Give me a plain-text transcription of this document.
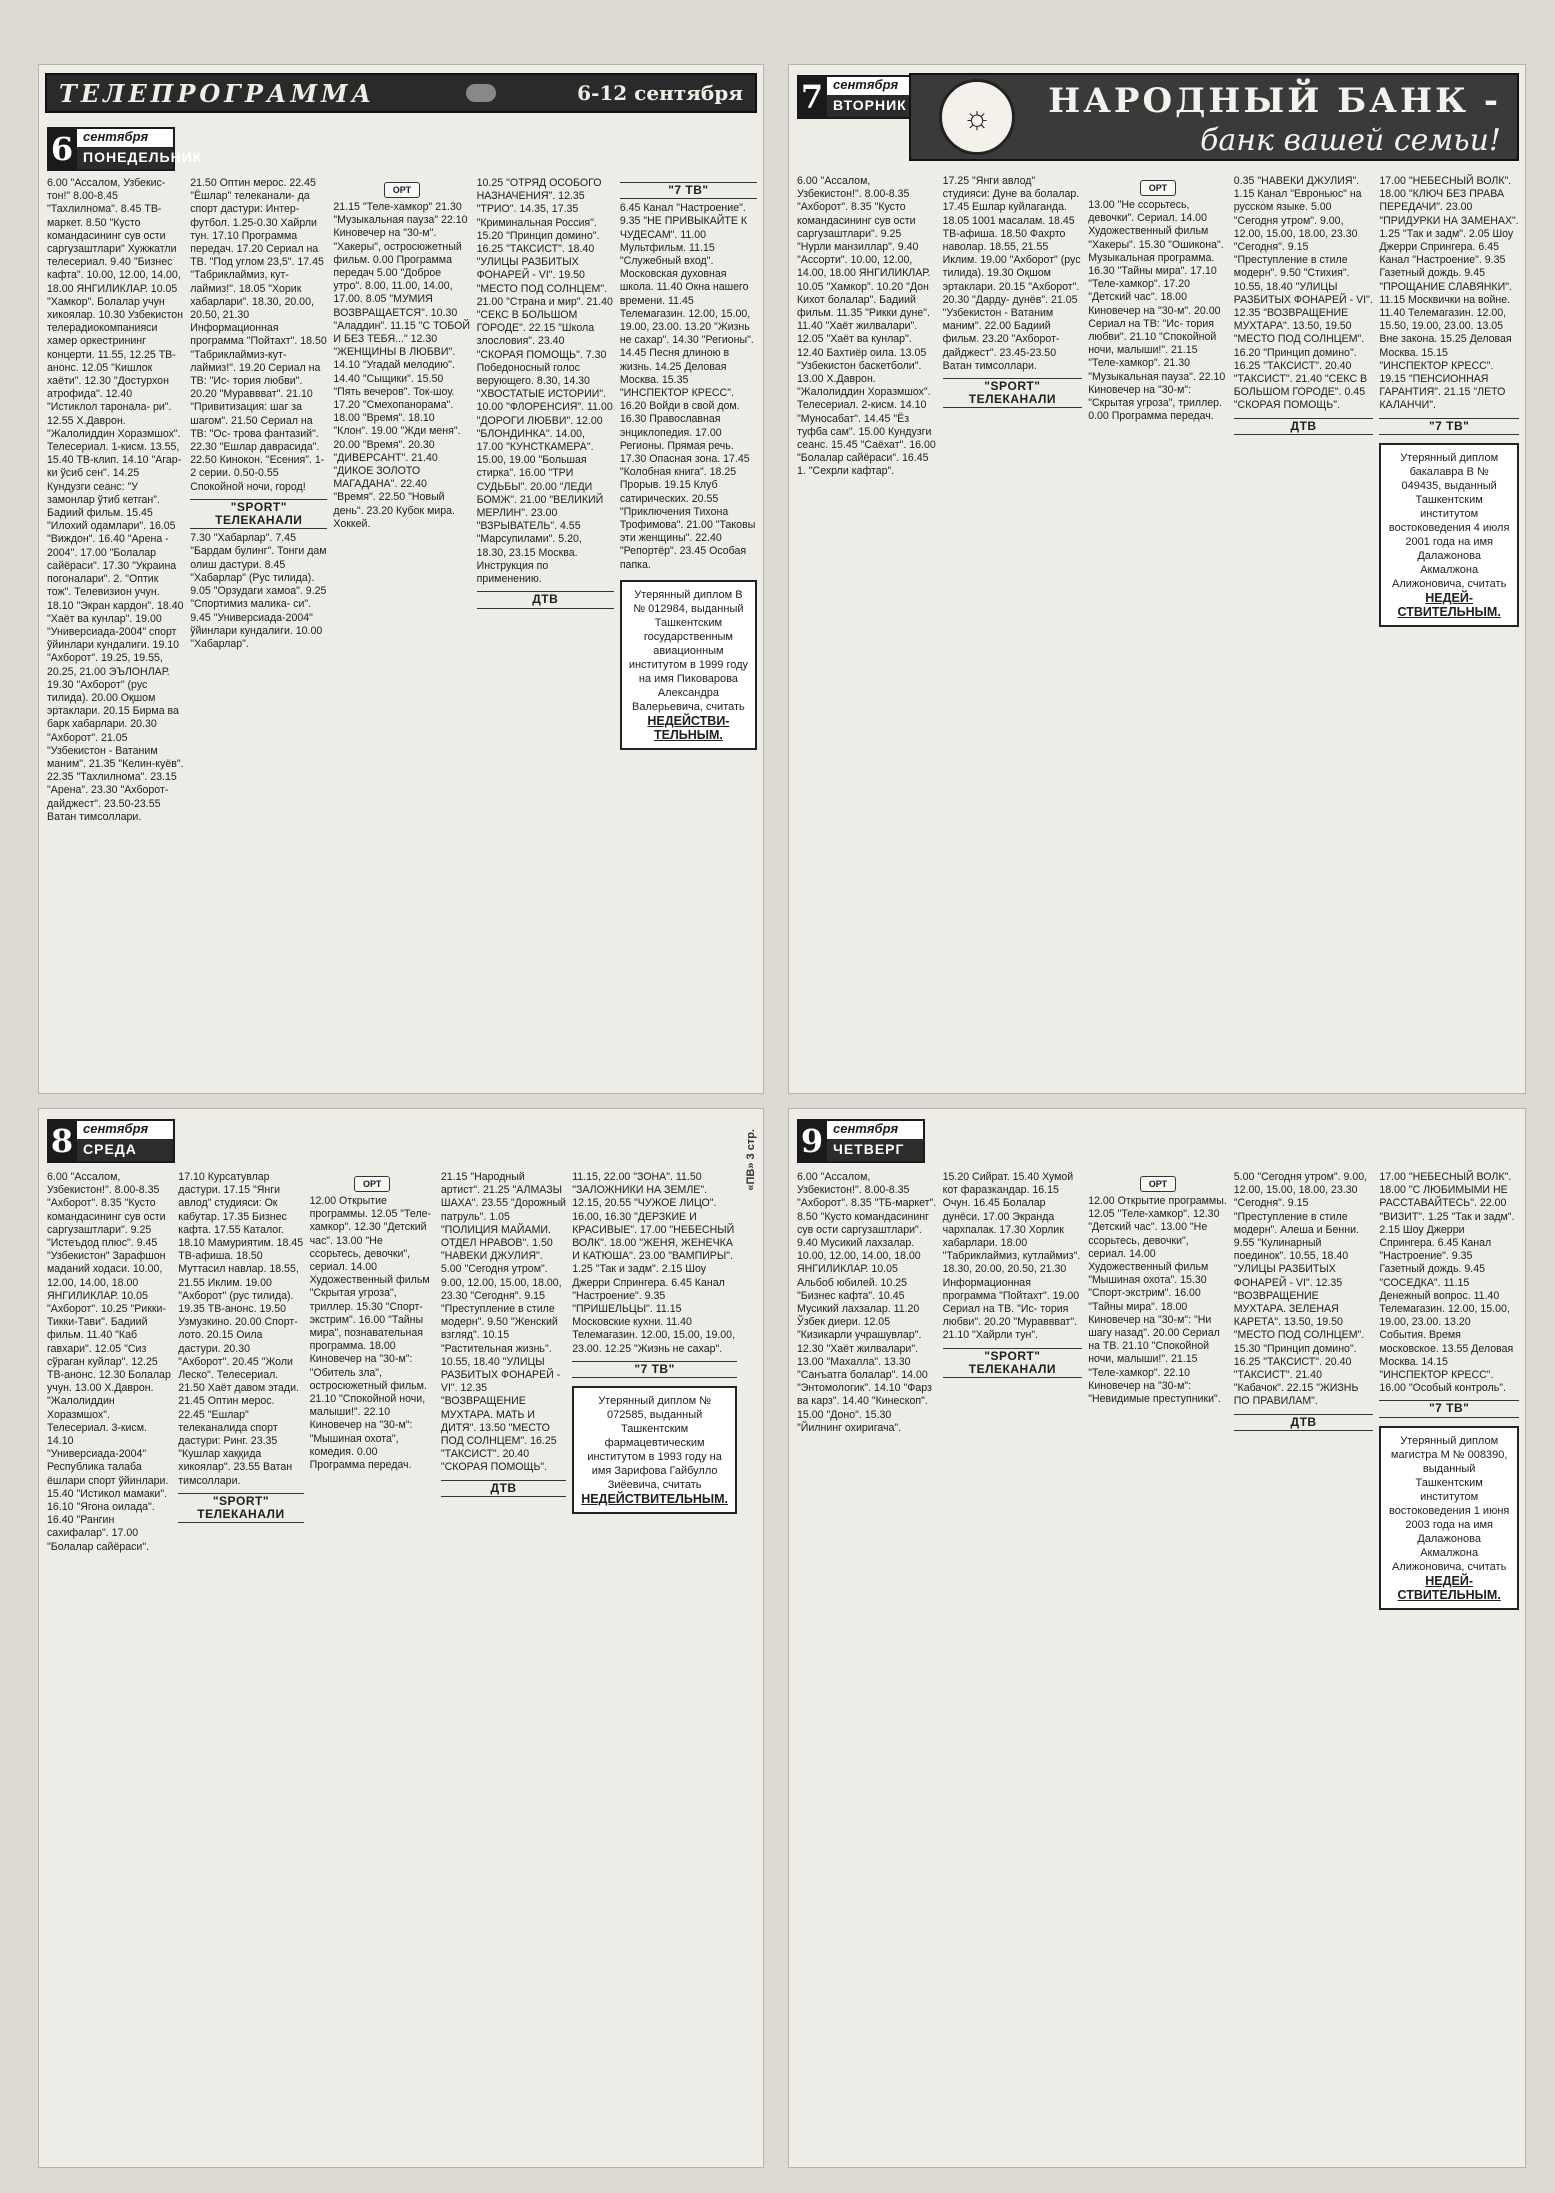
ТЕЛЕПРОГРАММА	6-12 сентября
6 сентября
ПОНЕДЕЛЬНИК

6.00 "Ассалом, Узбекис- тон!" 8.00-8.45 "Тахлилнома". 8.45 ТВ-маркет. 8.50 "Кусто командасининг сув ости саргузаштлари" Хужжатли телесериал. 9.40 "Бизнес кафта". 10.00, 12.00, 14.00, 18.00 ЯНГИЛИКЛАР. 10.05 "Хамкор". Болалар учун хикоялар. 10.30 Узбекистон телерадиокомпанияси хамер оркестрининг концерти. 11.55, 12.25 ТВ-анонс. 12.05 "Кишлок хаёти". 12.30 "Достурхон атрофида". 12.40 "Истиклол таронала- ри". 12.55 Х.Даврон. "Жалолиддин Хоразмшох". Телесериал. 1-кисм. 13.55, 15.40 ТВ-клип. 14.10 "Агар-ки ўсиб сен". 14.25 Кундузги сеанс: "У замонлар ўтиб кетган". Бадиий фильм. 15.45 "Илохий одамлари". 16.05 "Виждон". 16.40 "Арена - 2004". 17.00 "Болалар сайёраси". 17.30 "Украина погоналари". 2. "Оптик тож". Телевизион учун. 18.10 "Экран кардон". 18.40 "Хаёт ва кунлар". 19.00 "Универсиада-2004" спорт ўйинлари кундалиги. 19.10 "Ахборот". 19.25, 19.55, 20.25, 21.00 ЭЪЛОНЛАР. 19.30 "Ахборот" (рус тилида). 20.00 Оқшом эртаклари. 20.15 Бирма ва барк хабарлари. 20.30 "Ахборот". 21.05 "Узбекистон - Ватаним маним". 21.35 "Келин-куёв". 22.35 "Тахлилнома". 23.15 "Арена". 23.30 "Ахборот-дайджест". 23.50-23.55 Ватан тимсоллари.

21.50 Оптин мерос. 22.45 "Ёшлар" телеканали- да спорт дастури: Интер- футбол. 1.25-0.30 Хайрли тун. 17.10 Программа передач. 17.20 Сериал на ТВ. "Под углом 23,5". 17.45 "Табриклаймиз, кут- лаймиз!". 18.05 "Хорик хабарлари". 18.30, 20.00, 20.50, 21.30 Информационная программа "Пойтахт". 18.50 "Табриклаймиз-кут- лаймиз!". 19.20 Сериал на ТВ: "Ис- тория любви". 20.20 "Мураввват". 21.10 "Привитизация: шаг за шагом". 21.50 Сериал на ТВ: "Ос- трова фантазий". 22.30 "Ешлар даврасида". 22.50 Кинокон. "Есения". 1-2 серии. 0.50-0.55 Спокойной ночи, город!

"SPORT" ТЕЛЕКАНАЛИ

7.30 "Хабарлар". 7.45 "Бардам булинг". Тонги дам олиш дастури. 8.45 "Хабарлар" (Рус тилида). 9.05 "Орзудаги хамоа". 9.25 "Спортимиз малика- си". 9.45 "Универсиада-2004" ўйинлари кундалиги. 10.00 "Хабарлар".

ОРТ

21.15 "Теле-хамкор" 21.30 "Музыкальная пауза" 22.10 Киновечер на "30-м". "Хакеры", остросюжетный фильм. 0.00 Программа передач 5.00 "Доброе утро". 8.00, 11.00, 14.00, 17.00. 8.05 "МУМИЯ ВОЗВРАЩАЕТСЯ". 10.30 "Аладдин". 11.15 "С ТОБОЙ И БЕЗ ТЕБЯ..." 12.30 "ЖЕНЩИНЫ В ЛЮБВИ". 14.10 "Угадай мелодию". 14.40 "Сыщики". 15.50 "Пять вечеров". Ток-шоу. 17.20 "Смехопанорама". 18.00 "Время". 18.10 "Клон". 19.00 "Жди меня". 20.00 "Время". 20.30 "ДИВЕРСАНТ". 21.40 "ДИКОЕ ЗОЛОТО МАГАДАНА". 22.40 "Время". 22.50 "Новый день". 23.20 Кубок мира. Хоккей.

10.25 "ОТРЯД ОСОБОГО НАЗНАЧЕНИЯ". 12.35 "ТРИО". 14.35, 17.35 "Криминальная Россия". 15.20 "Принцип домино". 16.25 "ТАКСИСТ". 18.40 "УЛИЦЫ РАЗБИТЫХ ФОНАРЕЙ - VI". 19.50 "МЕСТО ПОД СОЛНЦЕМ". 21.00 "Страна и мир". 21.40 "СЕКС В БОЛЬШОМ ГОРОДЕ". 22.15 "Школа злословия". 23.40 "СКОРАЯ ПОМОЩЬ". 7.30 Победоносный голос верующего. 8.30, 14.30 "ХВОСТАТЫЕ ИСТОРИИ". 10.00 "ФЛОРЕНСИЯ". 11.00 "ДОРОГИ ЛЮБВИ". 12.00 "БЛОНДИНКА". 14.00, 17.00 "КУНСТКАМЕРА". 15.00, 19.00 "Большая стирка". 16.00 "ТРИ СУДЬБЫ". 20.00 "ЛЕДИ БОМЖ". 21.00 "ВЕЛИКИЙ МЕРЛИН". 23.00 "ВЗРЫВАТЕЛЬ". 4.55 "Марсупилами". 5.20, 18.30, 23.15 Москва. Инструкция по применению.

ДТВ
"7 ТВ"

6.45 Канал "Настроение". 9.35 "НЕ ПРИВЫКАЙТЕ К ЧУДЕСАМ". 11.00 Мультфильм. 11.15 "Служебный вход". Московская духовная школа. 11.40 Окна нашего времени. 11.45 Телемагазин. 12.00, 15.00, 19.00, 23.00. 13.20 "Жизнь не сахар". 14.30 "Регионы". 14.45 Песня длиною в жизнь. 14.25 Деловая Москва. 15.35 "ИНСПЕКТОР КРЕСС". 16.20 Войди в свой дом. 16.30 Православная энциклопедия. 17.00 Регионы. Прямая речь. 17.30 Опасная зона. 17.45 "Колобная книга". 18.25 Прорыв. 19.15 Клуб сатирических. 20.55 "Приключения Тихона Трофимова". 21.00 "Таковы эти женщины". 22.40 "Репортёр". 23.45 Особая папка.

Утерянный диплом В № 012984, выданный Ташкентским государственным авиационным институтом в 1999 году на имя Пиковарова Александра Валерьевича, считать
НЕДЕЙСТВИ- ТЕЛЬНЫМ.
7 сентября
ВТОРНИК	☼	НАРОДНЫЙ БАНК -
банк вашей семьи!

6.00 "Ассалом, Узбекистон!". 8.00-8.35 "Ахборот". 8.35 "Кусто командасининг сув ости саргузаштлари". 9.25 "Нурли манзиллар". 9.40 "Ассорти". 10.00, 12.00, 14.00, 18.00 ЯНГИЛИКЛАР. 10.05 "Хамкор". 10.20 "Дон Кихот болалар". Бадиий фильм. 11.35 "Рикки дуне". 11.40 "Хаёт жилвалари". 12.05 "Хаёт ва кунлар". 12.40 Бахтиёр оила. 13.05 "Узбекистон баскетболи". 13.00 Х.Даврон. "Жалолиддин Хоразмшох". Телесериал. 2-кисм. 14.10 "Муносабат". 14.45 "Ёз туфба сам". 15.00 Кундузги сеанс. 15.45 "Саёхат". 16.00 "Болалар сайёраси". 16.45 1. "Сехрли кафтар".

17.25 "Янги авлод" студияси: Дуне ва болалар. 17.45 Ешлар куйлаганда. 18.05 1001 масалам. 18.45 ТВ-афиша. 18.50 Фахрто наволар. 18.55, 21.55 Иклим. 19.00 "Ахборот" (рус тилида). 19.30 Оқшом эртаклари. 20.15 "Ахборот". 20.30 "Дарду- дунёв". 21.05 "Узбекистон - Ватаним маним". 22.00 Бадиий фильм. 23.20 "Ахборот-дайджест". 23.45-23.50 Ватан тимсоллари.

"SPORT" ТЕЛЕКАНАЛИ
ОРТ

13.00 "Не ссорьтесь, девочки". Сериал. 14.00 Художественный фильм "Хакеры". 15.30 "Ошикона". Музыкальная программа. 16.30 "Тайны мира". 17.10 "Теле-хамкор". 17.20 "Детский час". 18.00 Киновечер на "30-м". 20.00 Сериал на ТВ: "Ис- тория любви". 21.10 "Спокойной ночи, малыши!". 21.15 "Теле-хамкор". 21.30 "Музыкальная пауза". 22.10 Киновечер на "30-м": "Скрытая угроза", триллер. 0.00 Программа передач.

0.35 "НАВЕКИ ДЖУЛИЯ". 1.15 Канал "Евроньюс" на русском языке. 5.00 "Сегодня утром". 9.00, 12.00, 15.00, 18.00, 23.30 "Сегодня". 9.15 "Преступление в стиле модерн". 9.50 "Стихия". 10.55, 18.40 "УЛИЦЫ РАЗБИТЫХ ФОНАРЕЙ - VI". 12.35 "ВОЗВРАЩЕНИЕ МУХТАРА". 13.50, 19.50 "МЕСТО ПОД СОЛНЦЕМ". 16.20 "Принцип домино". 16.25 "ТАКСИСТ". 20.40 "ТАКСИСТ". 21.40 "СЕКС В БОЛЬШОМ ГОРОДЕ". 0.45 "СКОРАЯ ПОМОЩЬ".

ДТВ

17.00 "НЕБЕСНЫЙ ВОЛК". 18.00 "КЛЮЧ БЕЗ ПРАВА ПЕРЕДАЧИ". 23.00 "ПРИДУРКИ НА ЗАМЕНАХ". 1.25 "Так и задм". 2.05 Шоу Джерри Спрингера. 6.45 Канал "Настроение". 9.35 Газетный дождь. 9.45 "ПРОЩАНИЕ СЛАВЯНКИ". 11.15 Москвички на войне. 11.40 Телемагазин. 12.00, 15.50, 19.00, 23.00. 13.05 Вне закона. 15.25 Деловая Москва. 15.15 "ИНСПЕКТОР КРЕСС". 19.15 "ПЕНСИОННАЯ ГАРАНТИЯ". 21.15 "ЛЕТО КАЛАНЧИ".

"7 ТВ"
Утерянный диплом бакалавра В № 049435, выданный Ташкентским институтом востоковедения 4 июля 2001 года на имя Далажонова Акмалжона Алижоновича, считать
НЕДЕЙ- СТВИТЕЛЬНЫМ.
8 сентября
СРЕДА	«ПВ» 3 стр.

6.00 "Ассалом, Узбекистон!". 8.00-8.35 "Ахборот". 8.35 "Кусто командасининг сув ости саргузаштлари". 9.25 "Истеъдод плюс". 9.45 "Узбекистон" Зарафшон маданий ходаси. 10.00, 12.00, 14.00, 18.00 ЯНГИЛИКЛАР. 10.05 "Ахборот". 10.25 "Рикки-Тикки-Тави". Бадиий фильм. 11.40 "Каб гавхари". 12.05 "Сиз сўраган куйлар". 12.25 ТВ-анонс. 12.30 Болалар учун. 13.00 Х.Даврон. "Жалолиддин Хоразмшох". Телесериал. 3-кисм. 14.10 "Универсиада-2004" Республика талаба ёшлари спорт ўйинлари. 15.40 "Истикол мамаки". 16.10 "Ягона оилада". 16.40 "Рангин сахифалар". 17.00 "Болалар сайёраси".

17.10 Курсатувлар дастури. 17.15 "Янги авлод" студияси: Ок кабутар. 17.35 Бизнес кафта. 17.55 Каталог. 18.10 Мамуриятим. 18.45 ТВ-афиша. 18.50 Муттасил навлар. 18.55, 21.55 Иклим. 19.00 "Ахборот" (рус тилида). 19.35 ТВ-анонс. 19.50 Узмузкино. 20.00 Спорт-лото. 20.15 Оила дастури. 20.30 "Ахборот". 20.45 "Жоли Леско". Телесериал. 21.50 Хаёт давом этади. 21.45 Оптин мерос. 22.45 "Ешлар" телеканалида спорт дастури: Ринг. 23.35 "Кушлар хаққида хикоялар". 23.55 Ватан тимсоллари.

"SPORT" ТЕЛЕКАНАЛИ
ОРТ

12.00 Открытие программы. 12.05 "Теле-хамкор". 12.30 "Детский час". 13.00 "Не ссорьтесь, девочки", сериал. 14.00 Художественный фильм "Скрытая угроза", триллер. 15.30 "Спорт-экстрим". 16.00 "Тайны мира", познавательная программа. 18.00 Киновечер на "30-м": "Обитель зла", остросюжетный фильм. 21.10 "Спокойной ночи, малыши!". 22.10 Киновечер на "30-м": "Мышиная охота", комедия. 0.00 Программа передач.

21.15 "Народный артист". 21.25 "АЛМАЗЫ ШАХА". 23.55 "Дорожный патруль". 1.05 "ПОЛИЦИЯ МАЙАМИ. ОТДЕЛ НРАВОВ". 1.50 "НАВЕКИ ДЖУЛИЯ". 5.00 "Сегодня утром". 9.00, 12.00, 15.00, 18.00, 23.30 "Сегодня". 9.15 "Преступление в стиле модерн". 9.50 "Женский взгляд". 10.15 "Растительная жизнь". 10.55, 18.40 "УЛИЦЫ РАЗБИТЫХ ФОНАРЕЙ - VI". 12.35 "ВОЗВРАЩЕНИЕ МУХТАРА. МАТЬ И ДИТЯ". 13.50 "МЕСТО ПОД СОЛНЦЕМ". 16.25 "ТАКСИСТ". 20.40 "СКОРАЯ ПОМОЩЬ".

ДТВ

11.15, 22.00 "ЗОНА". 11.50 "ЗАЛОЖНИКИ НА ЗЕМЛЕ". 12.15, 20.55 "ЧУЖОЕ ЛИЦО". 16.00, 16.30 "ДЕРЗКИЕ И КРАСИВЫЕ". 17.00 "НЕБЕСНЫЙ ВОЛК". 18.00 "ЖЕНЯ, ЖЕНЕЧКА И КАТЮША". 23.00 "ВАМПИРЫ". 1.25 "Так и задм". 2.15 Шоу Джерри Спрингера. 6.45 Канал "Настроение". 9.35 "ПРИШЕЛЬЦЫ". 11.15 Московские кухни. 11.40 Телемагазин. 12.00, 15.00, 19.00, 23.00. 12.25 "Жизнь не сахар".

"7 ТВ"
Утерянный диплом № 072585, выданный Ташкентским фармацевтическим институтом в 1993 году на имя Зарифова Гайбулло Зиёевича, считать
НЕДЕЙСТВИТЕЛЬНЫМ.
9 сентября
ЧЕТВЕРГ

6.00 "Ассалом, Узбекистон!". 8.00-8.35 "Ахборот". 8.35 "ТБ-маркет". 8.50 "Кусто командасининг сув ости саргузаштлари". 9.40 Мусикий лахзалар. 10.00, 12.00, 14.00, 18.00 ЯНГИЛИКЛАР. 10.05 Альбоб юбилей. 10.25 "Бизнес кафта". 10.45 Мусикий лахзалар. 11.20 Ўзбек диери. 12.05 "Кизикарли учрашувлар". 12.30 "Хаёт жилвалари". 13.00 "Махалла". 13.30 "Санъатга болалар". 14.00 "Энтомологик". 14.10 "Фарз ва карз". 14.40 "Кинескоп". 15.00 "Доно". 15.30 "Йилнинг охиригача".

15.20 Сийрат. 15.40 Хумой кот фаразкандар. 16.15 Очун. 16.45 Болалар дунёси. 17.00 Экранда чархпалак. 17.30 Хорлик хабарлари. 18.00 "Табриклаймиз, кутлаймиз". 18.30, 20.00, 20.50, 21.30 Информационная программа "Пойтахт". 19.00 Сериал на ТВ. "Ис- тория любви". 20.20 "Мураввват". 21.10 "Хайрли тун".

"SPORT" ТЕЛЕКАНАЛИ
ОРТ

12.00 Открытие программы. 12.05 "Теле-хамкор". 12.30 "Детский час". 13.00 "Не ссорьтесь, девочки", сериал. 14.00 Художественный фильм "Мышиная охота". 15.30 "Спорт-экстрим". 16.00 "Тайны мира". 18.00 Киновечер на "30-м": "Ни шагу назад". 20.00 Сериал на ТВ. 21.10 "Спокойной ночи, малыши!". 21.15 "Теле-хамкор". 22.10 Киновечер на "30-м": "Невидимые преступники".

5.00 "Сегодня утром". 9.00, 12.00, 15.00, 18.00, 23.30 "Сегодня". 9.15 "Преступление в стиле модерн". Алеша и Бенни. 9.55 "Кулинарный поединок". 10.55, 18.40 "УЛИЦЫ РАЗБИТЫХ ФОНАРЕЙ - VI". 12.35 "ВОЗВРАЩЕНИЕ МУХТАРА. ЗЕЛЕНАЯ КАРЕТА". 13.50, 19.50 "МЕСТО ПОД СОЛНЦЕМ". 15.30 "Принцип домино". 16.25 "ТАКСИСТ". 20.40 "ТАКСИСТ". 21.40 "Кабачок". 22.15 "ЖИЗНЬ ПО ПРАВИЛАМ".

ДТВ

17.00 "НЕБЕСНЫЙ ВОЛК". 18.00 "С ЛЮБИМЫМИ НЕ РАССТАВАЙТЕСЬ". 22.00 "ВИЗИТ". 1.25 "Так и задм". 2.15 Шоу Джерри Спрингера. 6.45 Канал "Настроение". 9.35 Газетный дождь. 9.45 "СОСЕДКА". 11.15 Денежный вопрос. 11.40 Телемагазин. 12.00, 15.00, 19.00, 23.00. 13.20 События. Время московское. 13.55 Деловая Москва. 14.15 "ИНСПЕКТОР КРЕСС". 16.00 "Особый контроль".

"7 ТВ"
Утерянный диплом магистра М № 008390, выданный Ташкентским институтом востоковедения 1 июня 2003 года на имя Далажонова Акмалжона Алижоновича, считать
НЕДЕЙ- СТВИТЕЛЬНЫМ.
